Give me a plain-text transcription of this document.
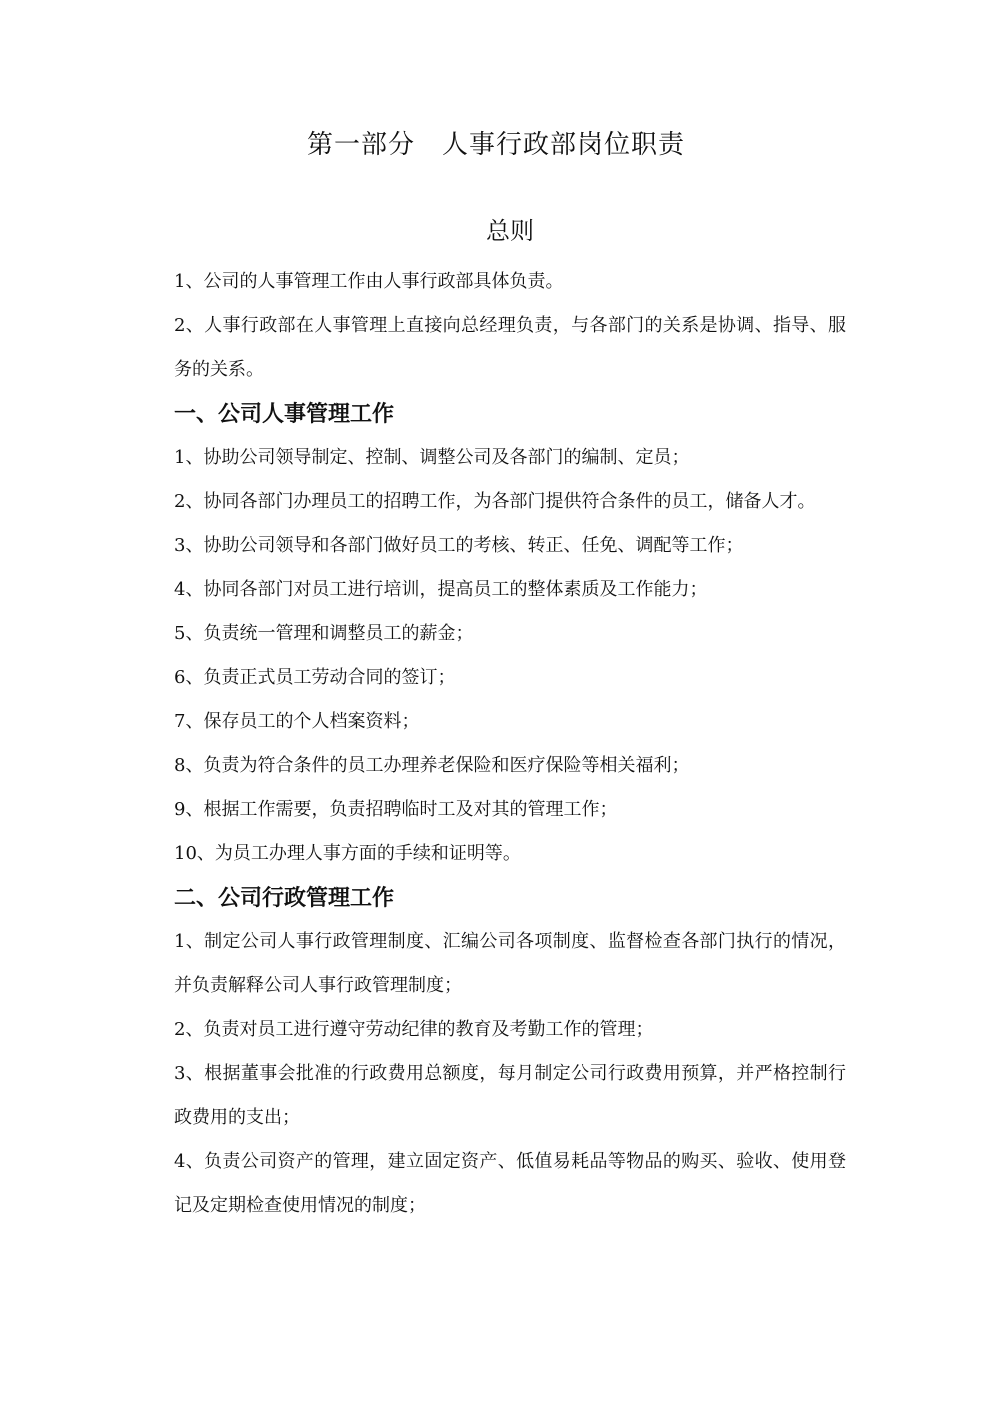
第一部分　人事行政部岗位职责
总则

1、公司的人事管理工作由人事行政部具体负责。

2、人事行政部在人事管理上直接向总经理负责，与各部门的关系是协调、指导、服务的关系。

一、公司人事管理工作

1、协助公司领导制定、控制、调整公司及各部门的编制、定员；

2、协同各部门办理员工的招聘工作，为各部门提供符合条件的员工，储备人才。

3、协助公司领导和各部门做好员工的考核、转正、任免、调配等工作；

4、协同各部门对员工进行培训，提高员工的整体素质及工作能力；

5、负责统一管理和调整员工的薪金；

6、负责正式员工劳动合同的签订；

7、保存员工的个人档案资料；

8、负责为符合条件的员工办理养老保险和医疗保险等相关福利；

9、根据工作需要，负责招聘临时工及对其的管理工作；

10、为员工办理人事方面的手续和证明等。

二、公司行政管理工作

1、制定公司人事行政管理制度、汇编公司各项制度、监督检查各部门执行的情况，并负责解释公司人事行政管理制度；

2、负责对员工进行遵守劳动纪律的教育及考勤工作的管理；

3、根据董事会批准的行政费用总额度，每月制定公司行政费用预算，并严格控制行政费用的支出；

4、负责公司资产的管理，建立固定资产、低值易耗品等物品的购买、验收、使用登记及定期检查使用情况的制度；
